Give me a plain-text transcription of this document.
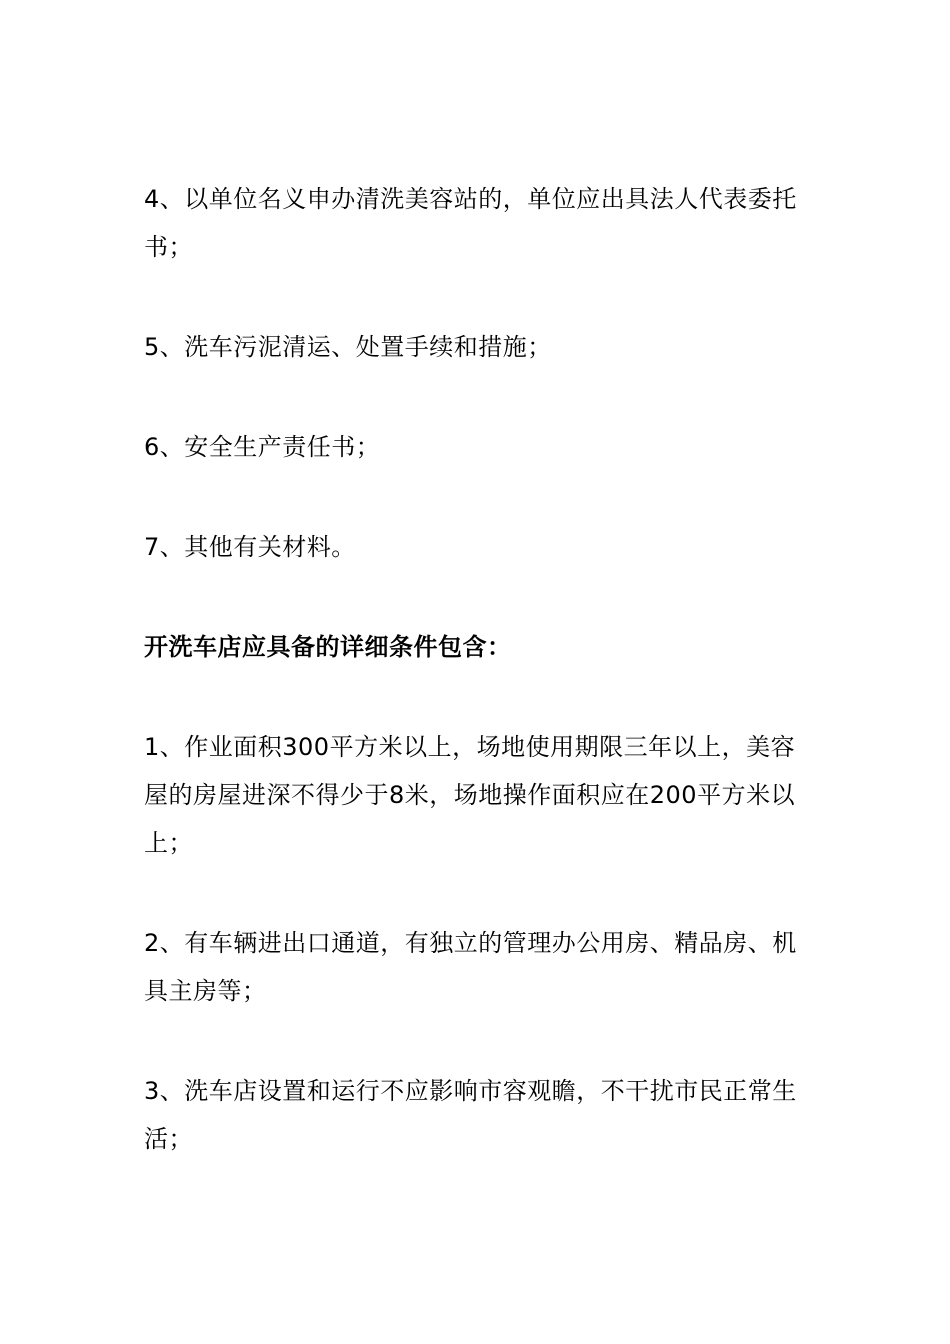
4、以单位名义申办清洗美容站的，单位应出具法人代表委托书；

5、洗车污泥清运、处置手续和措施；

6、安全生产责任书；

7、其他有关材料。

开洗车店应具备的详细条件包含：

1、作业面积300平方米以上，场地使用期限三年以上，美容屋的房屋进深不得少于8米，场地操作面积应在200平方米以上；

2、有车辆进出口通道，有独立的管理办公用房、精品房、机具主房等；

3、洗车店设置和运行不应影响市容观瞻，不干扰市民正常生活；
